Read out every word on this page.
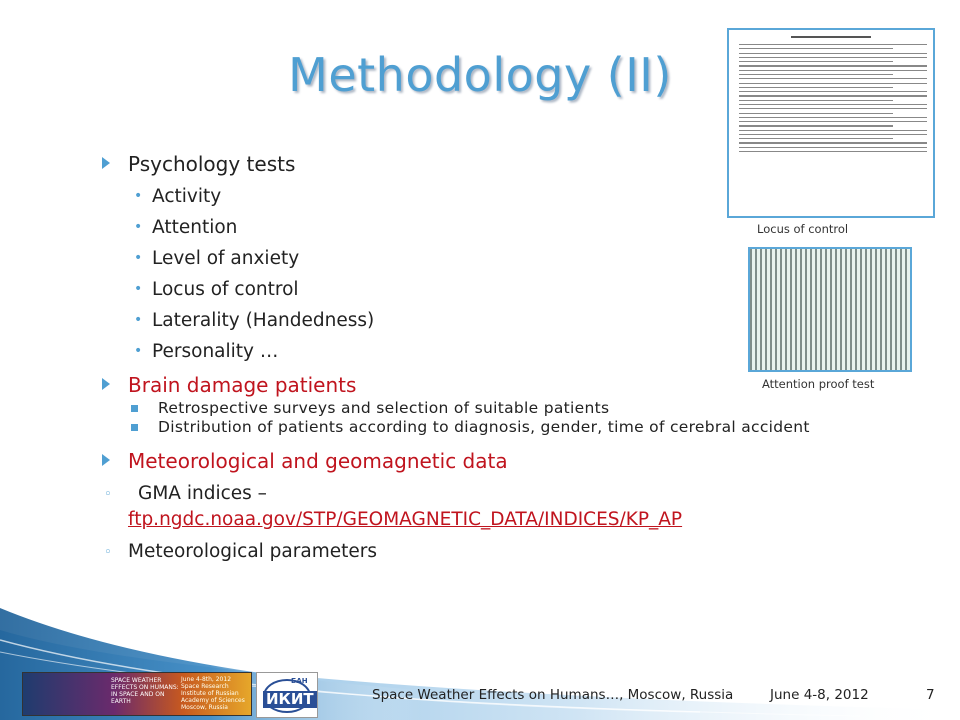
Methodology (II)
Locus of control
Attention proof test
Psychology tests
• Activity
• Attention
• Level of anxiety
• Locus of control
• Laterality (Handedness)
• Personality …
Brain damage patients
Retrospective surveys and selection of suitable patients
Distribution of patients according to diagnosis, gender, time of cerebral accident
Meteorological and geomagnetic data
◦ GMA indices –
ftp.ngdc.noaa.gov/STP/GEOMAGNETIC_DATA/INDICES/KP_AP
◦ Meteorological parameters
SPACE WEATHER EFFECTS ON HUMANS: IN SPACE AND ON EARTH
June 4-8th, 2012 Space Research Institute of Russian Academy of Sciences Moscow, Russia
БАН
ИКИТ	Space Weather Effects on Humans…, Moscow, Russia	June 4-8, 2012	7
